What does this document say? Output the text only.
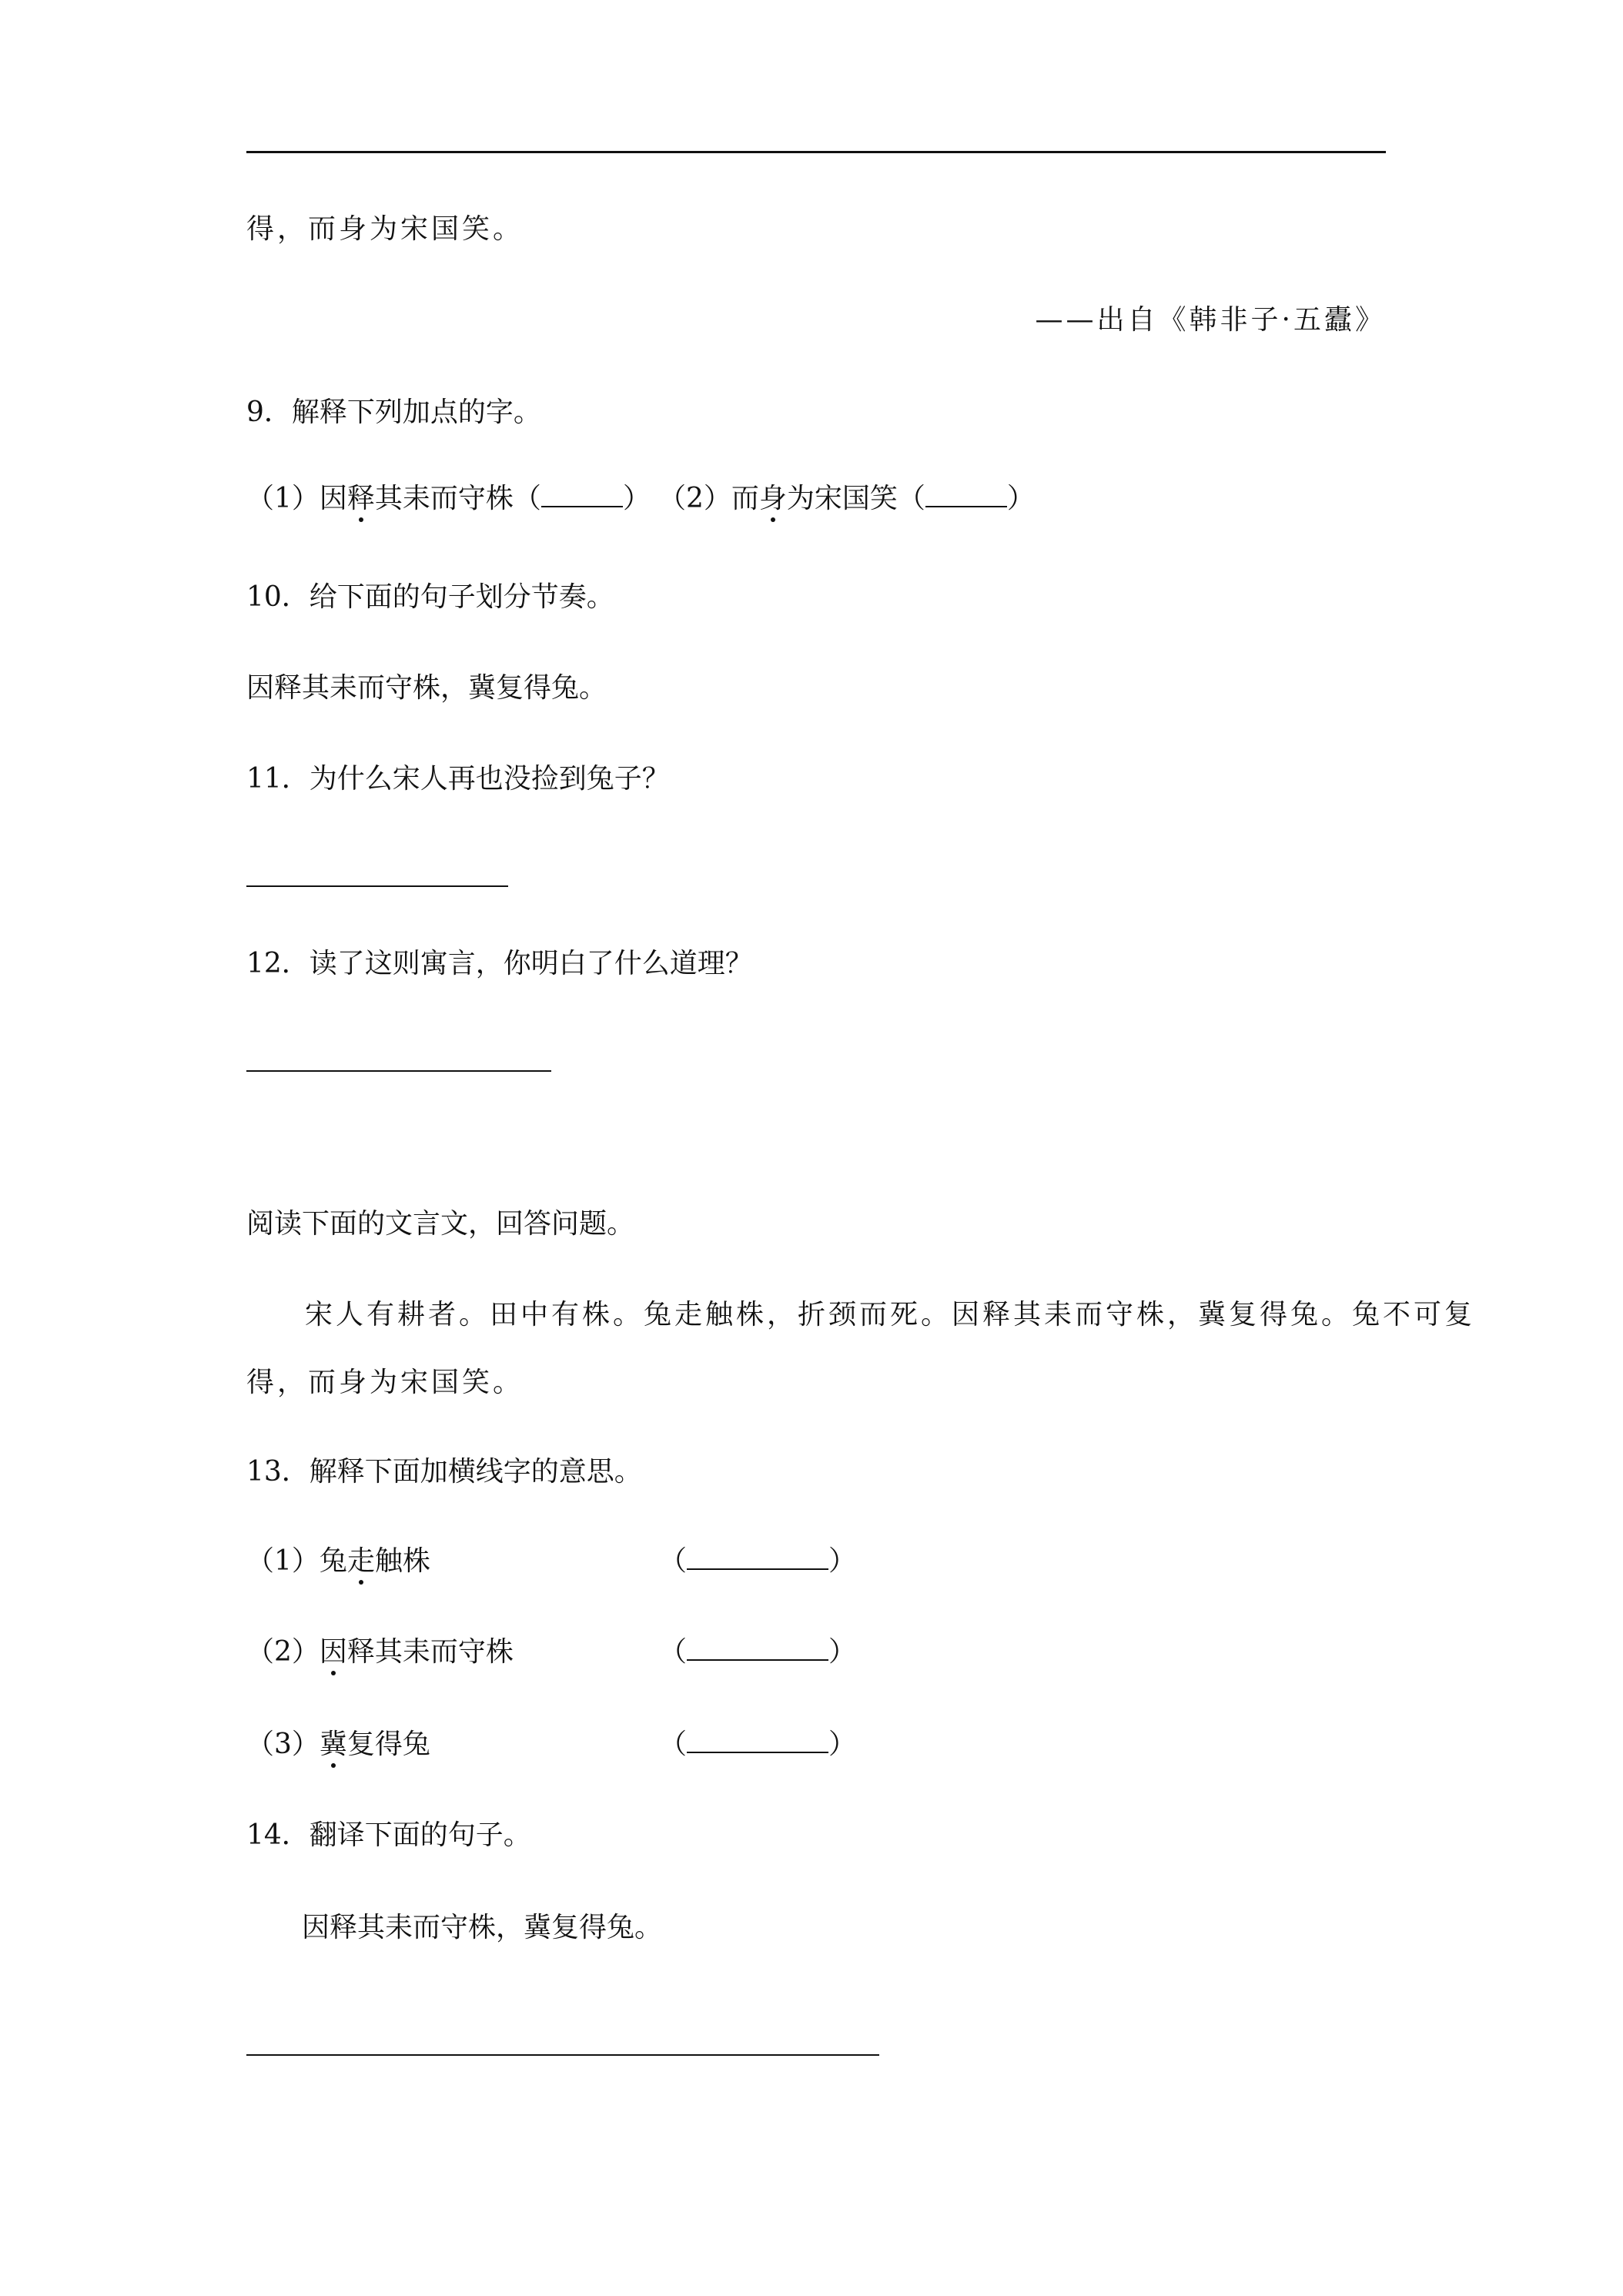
得，而身为宋国笑。
——出自《韩非子·五蠹》
9．解释下列加点的字。
（1）因释其耒而守株（	） （2）而身为宋国笑（	）
10．给下面的句子划分节奏。
因释其耒而守株，冀复得兔。
11．为什么宋人再也没捡到兔子？
12．读了这则寓言，你明白了什么道理？
阅读下面的文言文，回答问题。
宋人有耕者。田中有株。兔走触株，折颈而死。因释其耒而守株，冀复得兔。兔不可复
得，而身为宋国笑。
13．解释下面加横线字的意思。
（1）兔走触株	（	）
（2）因释其耒而守株	（	）
（3）冀复得兔	（	）
14．翻译下面的句子。
因释其耒而守株，冀复得兔。
